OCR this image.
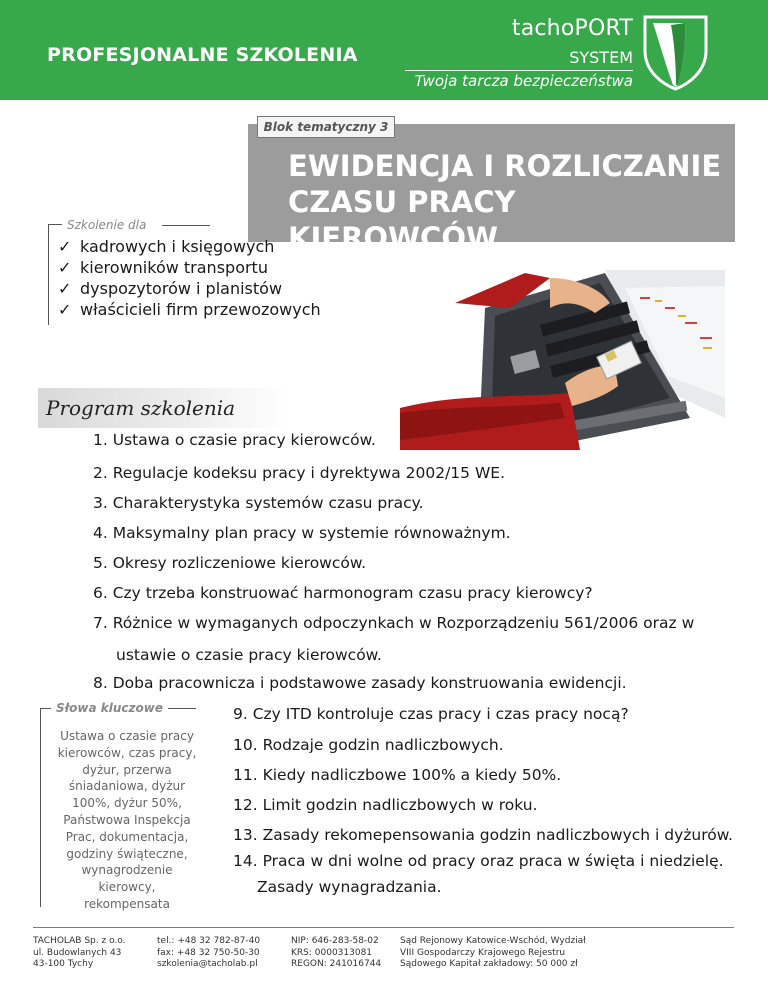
PROFESJONALNE SZKOLENIA
tachoPORT
SYSTEM
Twoja tarcza bezpieczeństwa
EWIDENCJA I ROZLICZANIE
CZASU PRACY KIEROWCÓW
Blok tematyczny 3
Szkolenie dla
✓ kadrowych i księgowych
✓ kierowników transportu
✓ dyspozytorów i planistów
✓ właścicieli firm przewozowych
Program szkolenia
1. Ustawa o czasie pracy kierowców.
2. Regulacje kodeksu pracy i dyrektywa 2002/15 WE.
3. Charakterystyka systemów czasu pracy.
4. Maksymalny plan pracy w systemie równoważnym.
5. Okresy rozliczeniowe kierowców.
6. Czy trzeba konstruować harmonogram czasu pracy kierowcy?
7. Różnice w wymaganych odpoczynkach w Rozporządzeniu 561/2006 oraz w
ustawie o czasie pracy kierowców.
8. Doba pracownicza i podstawowe zasady konstruowania ewidencji.
9. Czy ITD kontroluje czas pracy i czas pracy nocą?
10. Rodzaje godzin nadliczbowych.
11. Kiedy nadliczbowe 100% a kiedy 50%.
12. Limit godzin nadliczbowych w roku.
13. Zasady rekomepensowania godzin nadliczbowych i dyżurów.
14. Praca w dni wolne od pracy oraz praca w święta i niedzielę.
Słowa kluczowe
Ustawa o czasie pracy kierowców, czas pracy, dyżur, przerwa śniadaniowa, dyżur 100%, dyżur 50%, Państwowa Inspekcja Prac, dokumentacja, godziny świąteczne, wynagrodzenie kierowcy, rekompensata
TACHOLAB Sp. z o.o.
ul. Budowlanych 43
43-100 Tychy
tel.: +48 32 782-87-40
fax: +48 32 750-50-30
szkolenia@tacholab.pl
NIP: 646-283-58-02
KRS: 0000313081
REGON: 241016744
Sąd Rejonowy Katowice-Wschód, Wydział
VIII Gospodarczy Krajowego Rejestru
Sądowego Kapitał zakładowy: 50 000 zł
Zasady wynagradzania.
